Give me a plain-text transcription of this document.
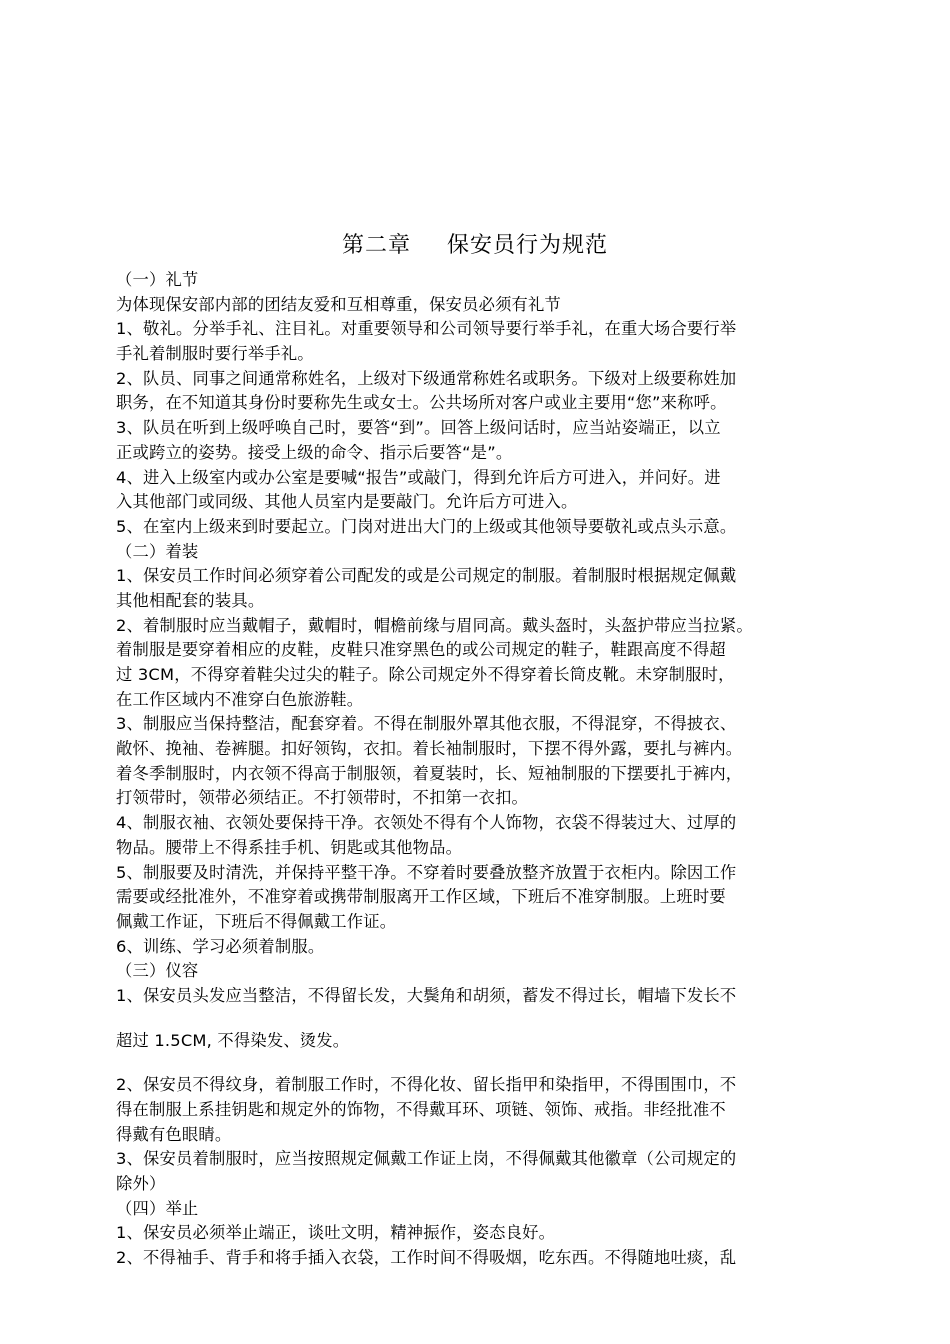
第二章 保安员行为规范
（一）礼节
为体现保安部内部的团结友爱和互相尊重，保安员必须有礼节
1、敬礼。分举手礼、注目礼。对重要领导和公司领导要行举手礼，在重大场合要行举
手礼着制服时要行举手礼。
2、队员、同事之间通常称姓名，上级对下级通常称姓名或职务。下级对上级要称姓加
职务，在不知道其身份时要称先生或女士。公共场所对客户或业主要用“您”来称呼。
3、队员在听到上级呼唤自己时，要答“到”。回答上级问话时，应当站姿端正，以立
正或跨立的姿势。接受上级的命令、指示后要答“是”。
4、进入上级室内或办公室是要喊“报告”或敲门，得到允许后方可进入，并问好。进
入其他部门或同级、其他人员室内是要敲门。允许后方可进入。
5、在室内上级来到时要起立。门岗对进出大门的上级或其他领导要敬礼或点头示意。
（二）着装
1、保安员工作时间必须穿着公司配发的或是公司规定的制服。着制服时根据规定佩戴
其他相配套的装具。
2、着制服时应当戴帽子，戴帽时，帽檐前缘与眉同高。戴头盔时，头盔护带应当拉紧。
着制服是要穿着相应的皮鞋，皮鞋只准穿黑色的或公司规定的鞋子，鞋跟高度不得超
过 3CM，不得穿着鞋尖过尖的鞋子。除公司规定外不得穿着长筒皮靴。未穿制服时，
在工作区域内不准穿白色旅游鞋。
3、制服应当保持整洁，配套穿着。不得在制服外罩其他衣服，不得混穿，不得披衣、
敞怀、挽袖、卷裤腿。扣好领钩，衣扣。着长袖制服时，下摆不得外露，要扎与裤内。
着冬季制服时，内衣领不得高于制服领，着夏装时，长、短袖制服的下摆要扎于裤内，
打领带时，领带必须结正。不打领带时，不扣第一衣扣。
4、制服衣袖、衣领处要保持干净。衣领处不得有个人饰物，衣袋不得装过大、过厚的
物品。腰带上不得系挂手机、钥匙或其他物品。
5、制服要及时清洗，并保持平整干净。不穿着时要叠放整齐放置于衣柜内。除因工作
需要或经批准外，不准穿着或携带制服离开工作区域，下班后不准穿制服。上班时要
佩戴工作证，下班后不得佩戴工作证。
6、训练、学习必须着制服。
（三）仪容
1、保安员头发应当整洁，不得留长发，大鬓角和胡须，蓄发不得过长，帽墙下发长不
超过 1.5CM, 不得染发、烫发。
2、保安员不得纹身，着制服工作时，不得化妆、留长指甲和染指甲，不得围围巾，不
得在制服上系挂钥匙和规定外的饰物，不得戴耳环、项链、领饰、戒指。非经批准不
得戴有色眼睛。
3、保安员着制服时，应当按照规定佩戴工作证上岗，不得佩戴其他徽章（公司规定的
除外）
（四）举止
1、保安员必须举止端正，谈吐文明，精神振作，姿态良好。
2、不得袖手、背手和将手插入衣袋，工作时间不得吸烟，吃东西。不得随地吐痰，乱
